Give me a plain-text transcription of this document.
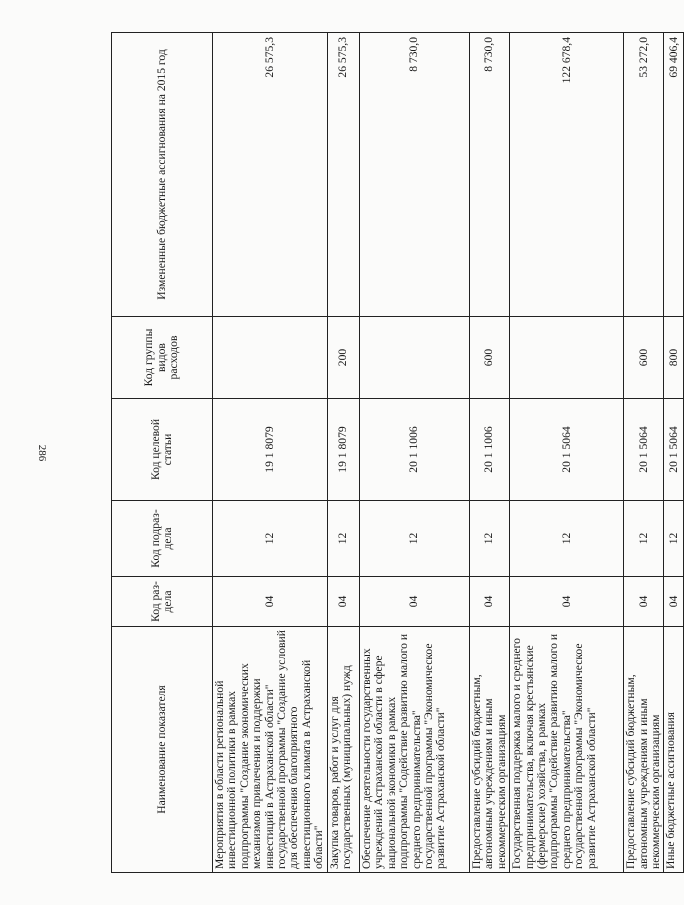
286
Наименование показателя	Код раз-дела	Код подраз-дела	Код целевой статьи	Код группы видов расходов	Измененные бюджетные ассигнования на 2015 год
Мероприятия в области региональной инвестиционной политики в рамках подпрограммы "Создание экономических механизмов привлечения и поддержки инвестиций в Астраханской области" государственной программы "Создание условий для обеспечения благоприятного инвестиционного климата в Астраханской области"	04	12	19 1 8079		26 575,3
Закупка товаров, работ и услуг для государственных (муниципальных) нужд	04	12	19 1 8079	200	26 575,3
Обеспечение деятельности государственных учреждений Астраханской области в сфере национальной экономики в рамках подпрограммы "Содействие развитию малого и среднего предпринимательства" государственной программы "Экономическое развитие Астраханской области"	04	12	20 1 1006		8 730,0
Предоставление субсидий бюджетным, автономным учреждениям и иным некоммерческим организациям	04	12	20 1 1006	600	8 730,0
Государственная поддержка малого и среднего предпринимательства, включая крестьянские (фермерские) хозяйства, в рамках подпрограммы "Содействие развитию малого и среднего предпринимательства" государственной программы "Экономическое развитие Астраханской области"	04	12	20 1 5064		122 678,4
Предоставление субсидий бюджетным, автономным учреждениям и иным некоммерческим организациям	04	12	20 1 5064	600	53 272,0
Иные бюджетные ассигнования	04	12	20 1 5064	800	69 406,4
